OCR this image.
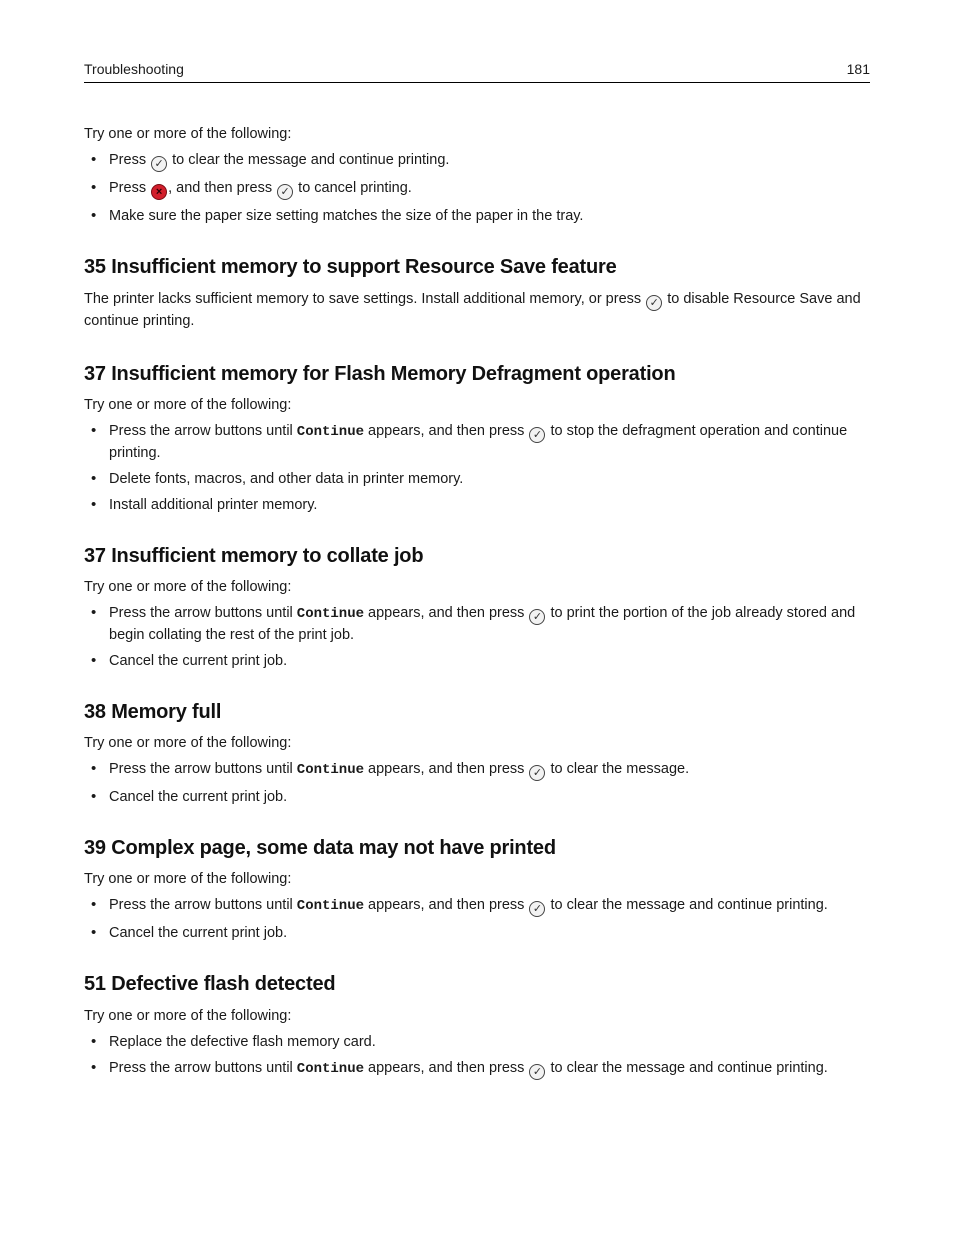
Troubleshooting	181

Try one or more of the following:

• Press ✓ to clear the message and continue printing.
• Press × , and then press ✓ to cancel printing.
• Make sure the paper size setting matches the size of the paper in the tray.
35 Insufficient memory to support Resource Save feature

The printer lacks sufficient memory to save settings. Install additional memory, or press ✓ to disable Resource Save and continue printing.

37 Insufficient memory for Flash Memory Defragment operation

Try one or more of the following:

• Press the arrow buttons until Continue appears, and then press ✓ to stop the defragment operation and continue printing.
• Delete fonts, macros, and other data in printer memory.
• Install additional printer memory.
37 Insufficient memory to collate job

Try one or more of the following:

• Press the arrow buttons until Continue appears, and then press ✓ to print the portion of the job already stored and begin collating the rest of the print job.
• Cancel the current print job.
38 Memory full

Try one or more of the following:

• Press the arrow buttons until Continue appears, and then press ✓ to clear the message.
• Cancel the current print job.
39 Complex page, some data may not have printed

Try one or more of the following:

• Press the arrow buttons until Continue appears, and then press ✓ to clear the message and continue printing.
• Cancel the current print job.
51 Defective flash detected

Try one or more of the following:

• Replace the defective flash memory card.
• Press the arrow buttons until Continue appears, and then press ✓ to clear the message and continue printing.
